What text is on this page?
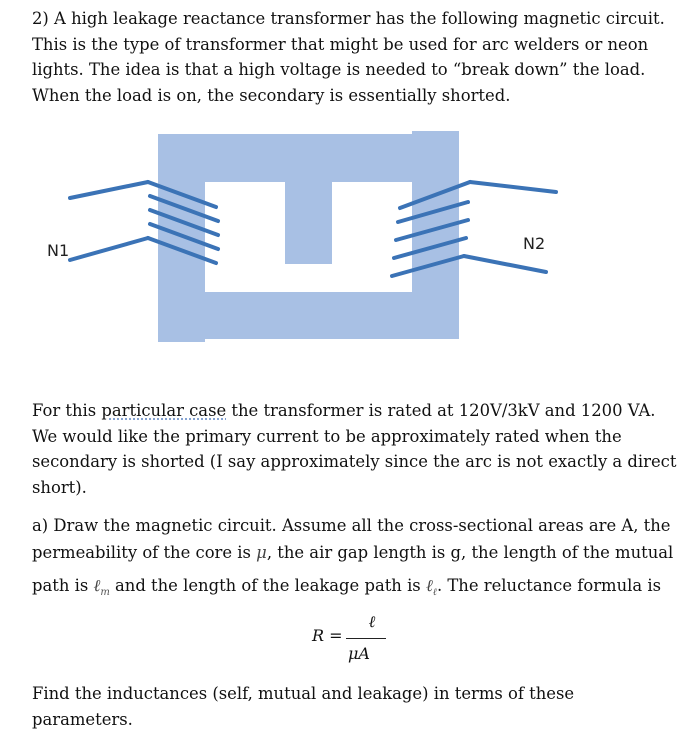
2) A high leakage reactance transformer has the following magnetic circuit.
This is the type of transformer that might be used for arc welders or neon
lights. The idea is that a high voltage is needed to “break down” the load.
When the load is on, the secondary is essentially shorted.

N1	N2

For this particular case the transformer is rated at 120V/3kV and 1200 VA.
We would like the primary current to be approximately rated when the
secondary is shorted (I say approximately since the arc is not exactly a direct
short).

a) Draw the magnetic circuit. Assume all the cross-sectional areas are A, the
permeability of the core is μ, the air gap length is g, the length of the mutual
path is ℓ$_m$ and the length of the leakage path is ℓ$_\ell$. The reluctance formula is

R =
ℓ
μA

Find the inductances (self, mutual and leakage) in terms of these parameters.
